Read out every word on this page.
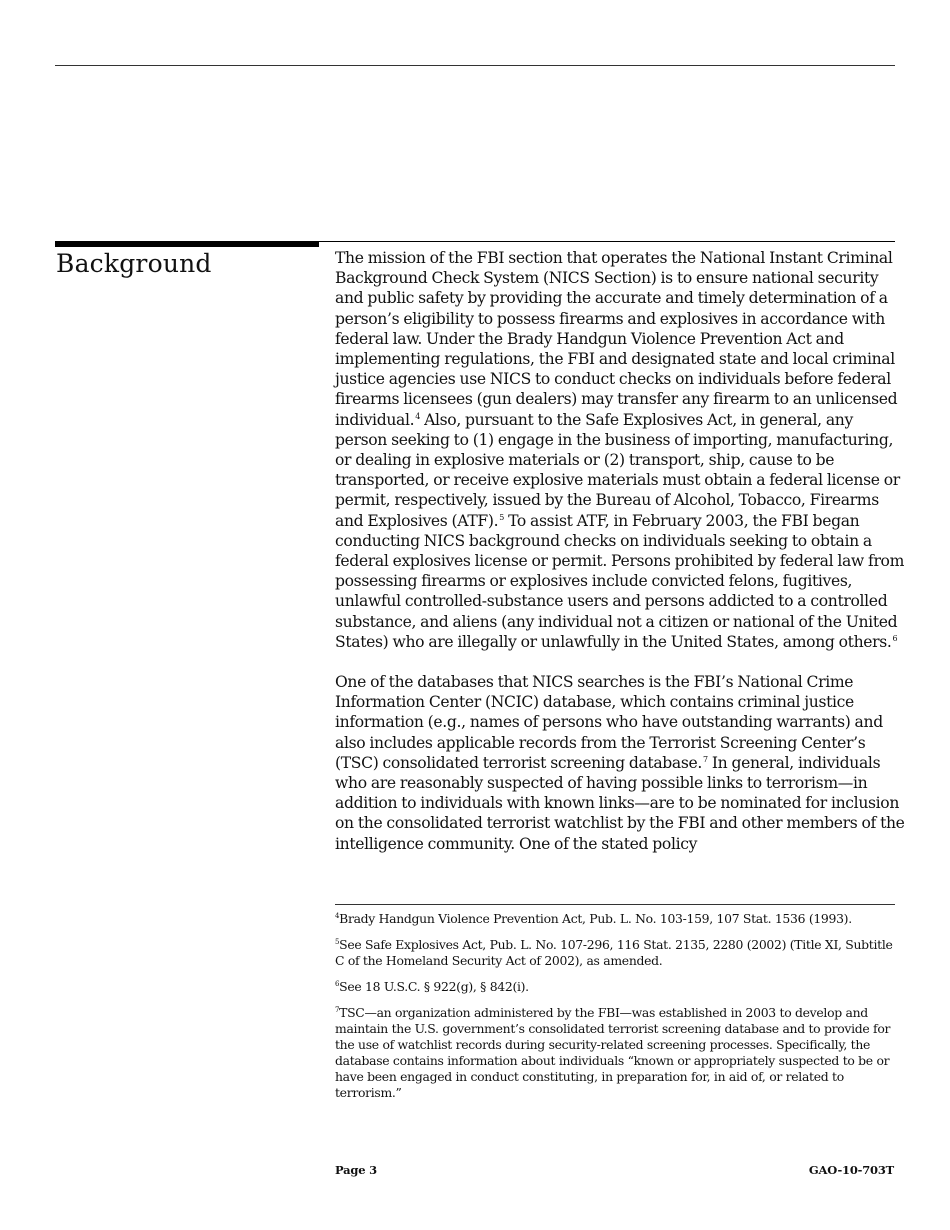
Background	The mission of the FBI section that operates the National Instant Criminal Background Check System (NICS Section) is to ensure national security and public safety by providing the accurate and timely determination of a person’s eligibility to possess firearms and explosives in accordance with federal law. Under the Brady Handgun Violence Prevention Act and implementing regulations, the FBI and designated state and local criminal justice agencies use NICS to conduct checks on individuals before federal firearms licensees (gun dealers) may transfer any firearm to an unlicensed individual.$^4$ Also, pursuant to the Safe Explosives Act, in general, any person seeking to (1) engage in the business of importing, manufacturing, or dealing in explosive materials or (2) transport, ship, cause to be transported, or receive explosive materials must obtain a federal license or permit, respectively, issued by the Bureau of Alcohol, Tobacco, Firearms and Explosives (ATF).$^5$ To assist ATF, in February 2003, the FBI began conducting NICS background checks on individuals seeking to obtain a federal explosives license or permit. Persons prohibited by federal law from possessing firearms or explosives include convicted felons, fugitives, unlawful controlled-substance users and persons addicted to a controlled substance, and aliens (any individual not a citizen or national of the United States) who are illegally or unlawfully in the United States, among others.$^6$

One of the databases that NICS searches is the FBI’s National Crime Information Center (NCIC) database, which contains criminal justice information (e.g., names of persons who have outstanding warrants) and also includes applicable records from the Terrorist Screening Center’s (TSC) consolidated terrorist screening database.$^7$ In general, individuals who are reasonably suspected of having possible links to terrorism—in addition to individuals with known links—are to be nominated for inclusion on the consolidated terrorist watchlist by the FBI and other members of the intelligence community. One of the stated policy

$^4$Brady Handgun Violence Prevention Act, Pub. L. No. 103-159, 107 Stat. 1536 (1993).

$^5$See Safe Explosives Act, Pub. L. No. 107-296, 116 Stat. 2135, 2280 (2002) (Title XI, Subtitle C of the Homeland Security Act of 2002), as amended.

$^6$See 18 U.S.C. § 922(g), § 842(i).

$^7$TSC—an organization administered by the FBI—was established in 2003 to develop and maintain the U.S. government’s consolidated terrorist screening database and to provide for the use of watchlist records during security-related screening processes. Specifically, the database contains information about individuals “known or appropriately suspected to be or have been engaged in conduct constituting, in preparation for, in aid of, or related to terrorism.”

Page 3	GAO-10-703T
